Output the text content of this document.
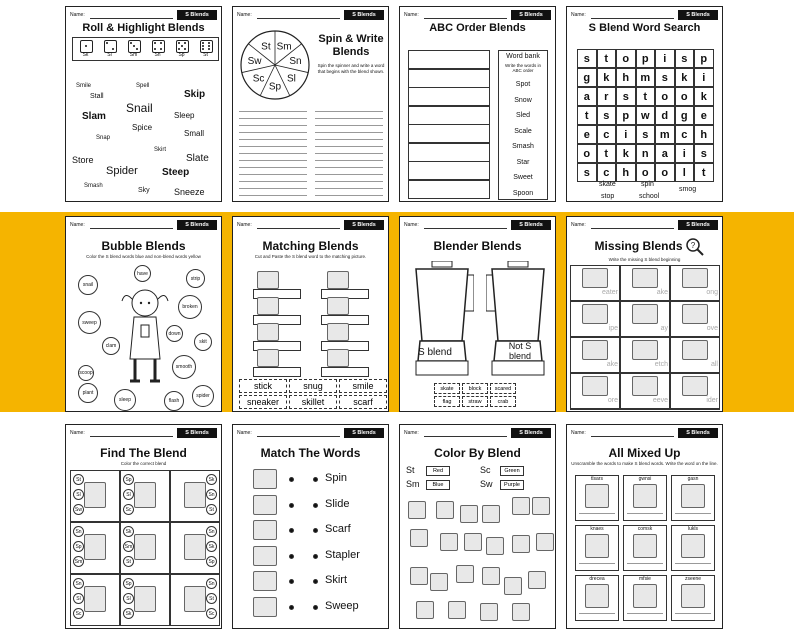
Name:	S Blends
Roll & Highlight Blends
Sk	Sl	Sm	Sn	Sp	St
Smile	Spell
Stall
Snail
Skip
Slam	Sleep
Spice
Snap	Small
Skirt
Store	Slate
Spider Steep
Smash
Sky	Sneeze
Name:	S Blends
Sm
Sn
Sl
Sp
Sc
Sw
St
Spin & Write Blends
Spin the spinner and write a word that begins with the blend shown.
Name:	S Blends
ABC Order Blends
Word bank
Write the words in ABC order
Spot
Snow
Sled
Scale
Smash
Star
Sweet
Spoon
Name:	S Blends
S Blend Word Search
s	t	o	p	i	s	p
g	k	h	m	s	k	i
a	r	s	t	o	o	k
t	s	p	w	d	g	e
e	c	i	s	m	c	h
o	t	k	n	a	i	s
s	c	h	o	o	l	t
skate	spin
smog
stop	school
Name:	S Blends
Bubble Blends
Color the S blend words blue and non-blend words yellow
have
snail
strip
broken
sweep
down
skit
clam
smooth
scoop
plant
sleep	flash
spider
Name:	S Blends
Matching Blends
Cut and Paste the S blend word to the matching picture.
stick	snug	smile
sneaker	skillet	scarf
Name:	S Blends
Blender Blends
S blend
Not S blend
skate	block	scared
flag	straw	crab
Name:	S Blends
Missing Blends	?
Write the missing S blend beginning
eater	ake	ong
ipe	ay	ove
ake	etch	all
ore	eeve	ider
Name:	S Blends
Find The Blend
Color the correct blend
St
Sl
Sw
Sp
Sl
Sc
Sk
Sn
St
Sn
Sp
Sm
Sk
Sm
St
Sn
Sk
Sp
Sn
Sl
Sc
Sp
Sl
Sk
Sn
St
Sc
Name:	S Blends
Match The Words
Spin
Slide
Scarf
Stapler
Skirt
Sweep
Name:	S Blends
Color By Blend
St	Red	Sc	Green
Sm	Blue	Sw	Purple
Name:	S Blends
All Mixed Up
Unscramble the words to make S blend words. Write the word on the line.
tlsars	gwnsi	gasn
knaes	comsk	lukls
drecea	mfsie	zseene
